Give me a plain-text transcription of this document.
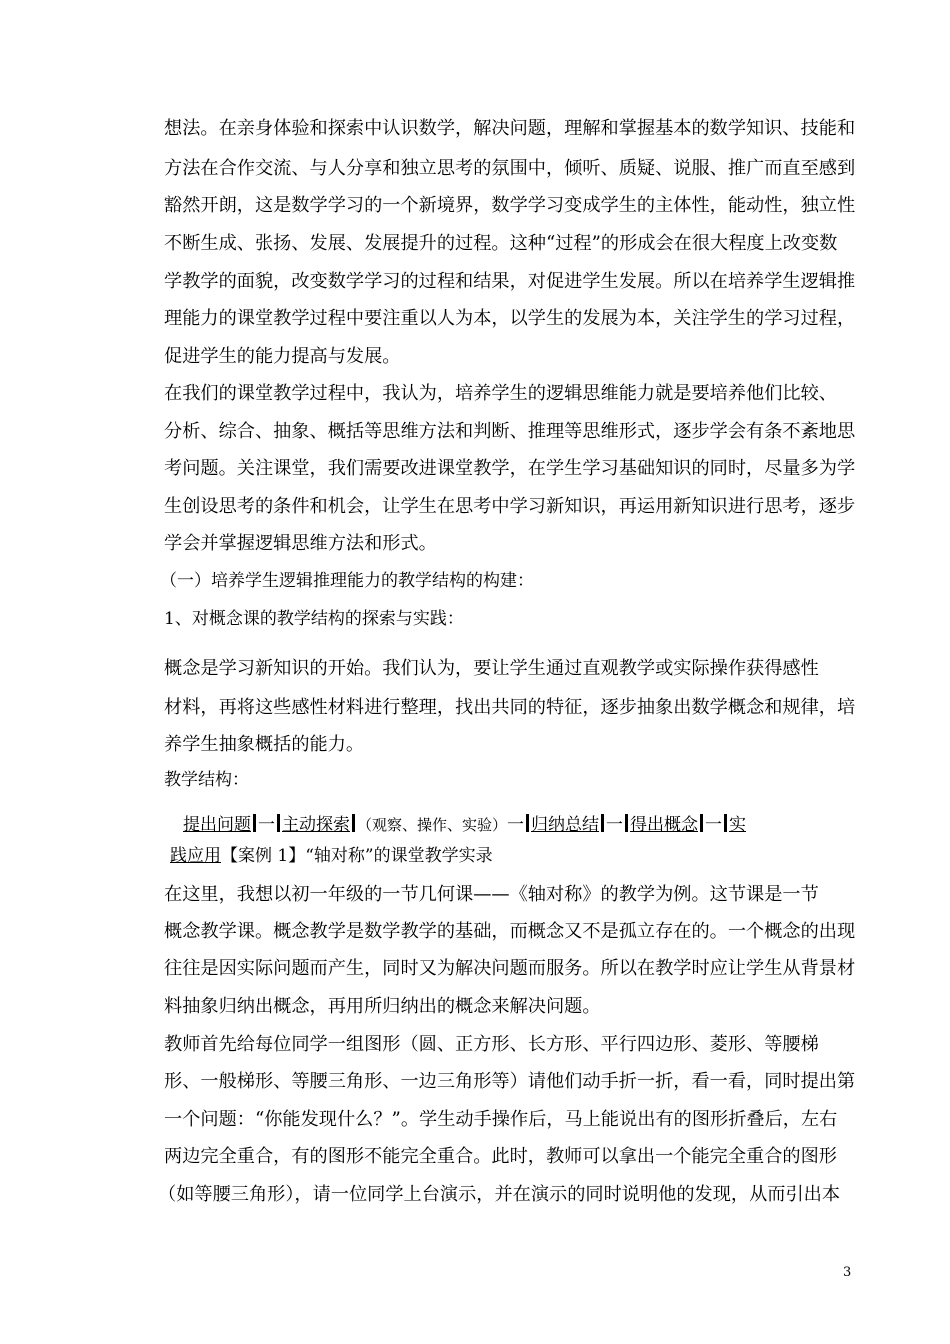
想法。在亲身体验和探索中认识数学，解决问题，理解和掌握基本的数学知识、技能和
方法在合作交流、与人分享和独立思考的氛围中，倾听、质疑、说服、推广而直至感到
豁然开朗，这是数学学习的一个新境界，数学学习变成学生的主体性，能动性，独立性
不断生成、张扬、发展、发展提升的过程。这种“过程”的形成会在很大程度上改变数
学教学的面貌，改变数学学习的过程和结果，对促进学生发展。所以在培养学生逻辑推
理能力的课堂教学过程中要注重以人为本，以学生的发展为本，关注学生的学习过程，
促进学生的能力提高与发展。
在我们的课堂教学过程中，我认为，培养学生的逻辑思维能力就是要培养他们比较、
分析、综合、抽象、概括等思维方法和判断、推理等思维形式，逐步学会有条不紊地思
考问题。关注课堂，我们需要改进课堂教学，在学生学习基础知识的同时，尽量多为学
生创设思考的条件和机会，让学生在思考中学习新知识，再运用新知识进行思考，逐步
学会并掌握逻辑思维方法和形式。
（一）培养学生逻辑推理能力的教学结构的构建：
1、对概念课的教学结构的探索与实践：
概念是学习新知识的开始。我们认为，要让学生通过直观教学或实际操作获得感性
材料，再将这些感性材料进行整理，找出共同的特征，逐步抽象出数学概念和规律，培
养学生抽象概括的能力。
教学结构：
提出问题 一 主动探索 （观察、操作、实验）一 归纳总结 一 得出概念 一 实
践应用【案例 1】“轴对称”的课堂教学实录
在这里，我想以初一年级的一节几何课——《轴对称》的教学为例。这节课是一节
概念教学课。概念教学是数学教学的基础，而概念又不是孤立存在的。一个概念的出现
往往是因实际问题而产生，同时又为解决问题而服务。所以在教学时应让学生从背景材
料抽象归纳出概念，再用所归纳出的概念来解决问题。
教师首先给每位同学一组图形（圆、正方形、长方形、平行四边形、菱形、等腰梯
形、一般梯形、等腰三角形、一边三角形等）请他们动手折一折，看一看，同时提出第
一个问题：“你能发现什么？”。学生动手操作后，马上能说出有的图形折叠后，左右
两边完全重合，有的图形不能完全重合。此时，教师可以拿出一个能完全重合的图形
（如等腰三角形），请一位同学上台演示，并在演示的同时说明他的发现，从而引出本
3
